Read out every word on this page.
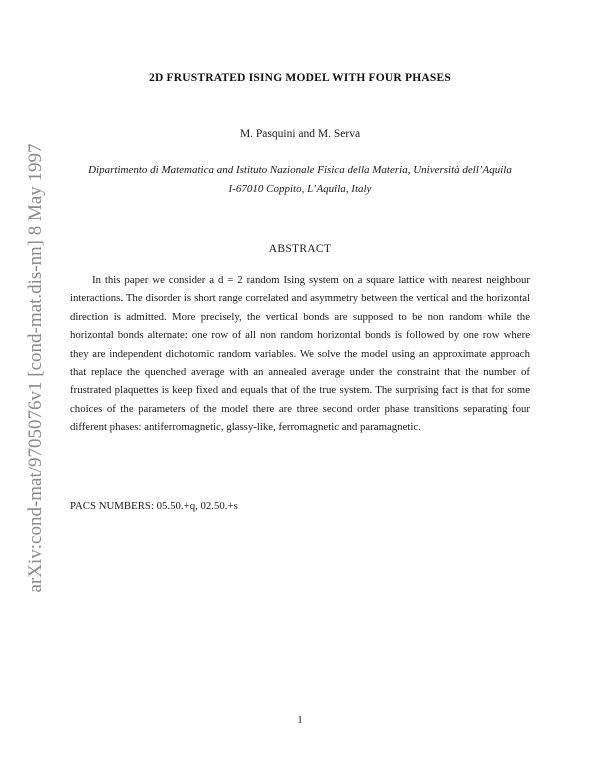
arXiv:cond-mat/9705076v1 [cond-mat.dis-nn] 8 May 1997
2D FRUSTRATED ISING MODEL WITH FOUR PHASES
M. Pasquini and M. Serva
Dipartimento di Matematica and Istituto Nazionale Fisica della Materia, Università dell’Aquila
I-67010 Coppito, L’Aquila, Italy
ABSTRACT

In this paper we consider a d = 2 random Ising system on a square lattice with nearest neighbour interactions. The disorder is short range correlated and asymmetry between the vertical and the horizontal direction is admitted. More precisely, the vertical bonds are supposed to be non random while the horizontal bonds alternate: one row of all non random horizontal bonds is followed by one row where they are independent dichotomic random variables. We solve the model using an approximate approach that replace the quenched average with an annealed average under the constraint that the number of frustrated plaquettes is keep fixed and equals that of the true system. The surprising fact is that for some choices of the parameters of the model there are three second order phase transitions separating four different phases: antiferromagnetic, glassy-like, ferromagnetic and paramagnetic.

PACS NUMBERS: 05.50.+q, 02.50.+s
1
